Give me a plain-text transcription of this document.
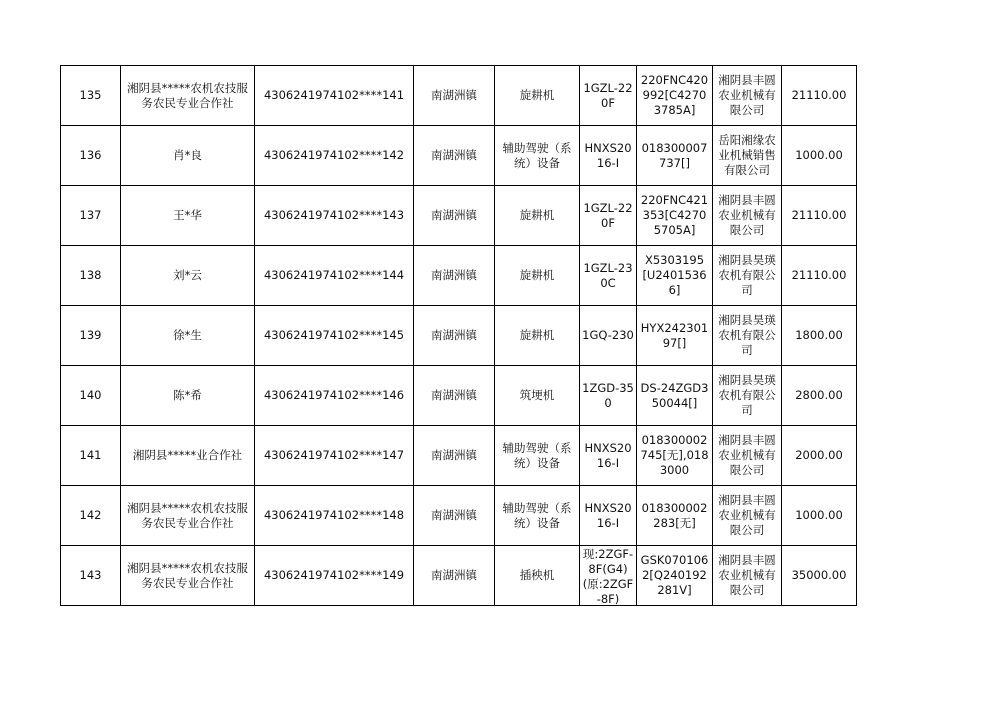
135	湘阴县*****农机农技服务农民专业合作社	4306241974102****141	南湖洲镇	旋耕机	1GZL-220F	220FNC420992[C42703785A]	湘阴县丰圆农业机械有限公司	21110.00

136	肖*良	4306241974102****142	南湖洲镇	辅助驾驶（系统）设备	HNXS2016-I	018300007737[]	岳阳湘缘农业机械销售有限公司	1000.00

137	王*华	4306241974102****143	南湖洲镇	旋耕机	1GZL-220F	220FNC421353[C42705705A]	湘阴县丰圆农业机械有限公司	21110.00

138	刘*云	4306241974102****144	南湖洲镇	旋耕机	1GZL-230C	X5303195[U24015366]	湘阴县昊瑛农机有限公司	21110.00

139	徐*生	4306241974102****145	南湖洲镇	旋耕机	1GQ-230	HYX24230197[]	湘阴县昊瑛农机有限公司	1800.00

140	陈*希	4306241974102****146	南湖洲镇	筑埂机	1ZGD-350	DS-24ZGD350044[]	湘阴县昊瑛农机有限公司	2800.00

141	湘阴县*****业合作社	4306241974102****147	南湖洲镇	辅助驾驶（系统）设备	HNXS2016-I	018300002745[无],0183000	湘阴县丰圆农业机械有限公司	2000.00

142	湘阴县*****农机农技服务农民专业合作社	4306241974102****148	南湖洲镇	辅助驾驶（系统）设备	HNXS2016-I	018300002283[无]	湘阴县丰圆农业机械有限公司	1000.00

143	湘阴县*****农机农技服务农民专业合作社	4306241974102****149	南湖洲镇	插秧机	现:2ZGF-8F(G4)(原:2ZGF-8F)	GSK0701062[Q240192281V]	湘阴县丰圆农业机械有限公司	35000.00
